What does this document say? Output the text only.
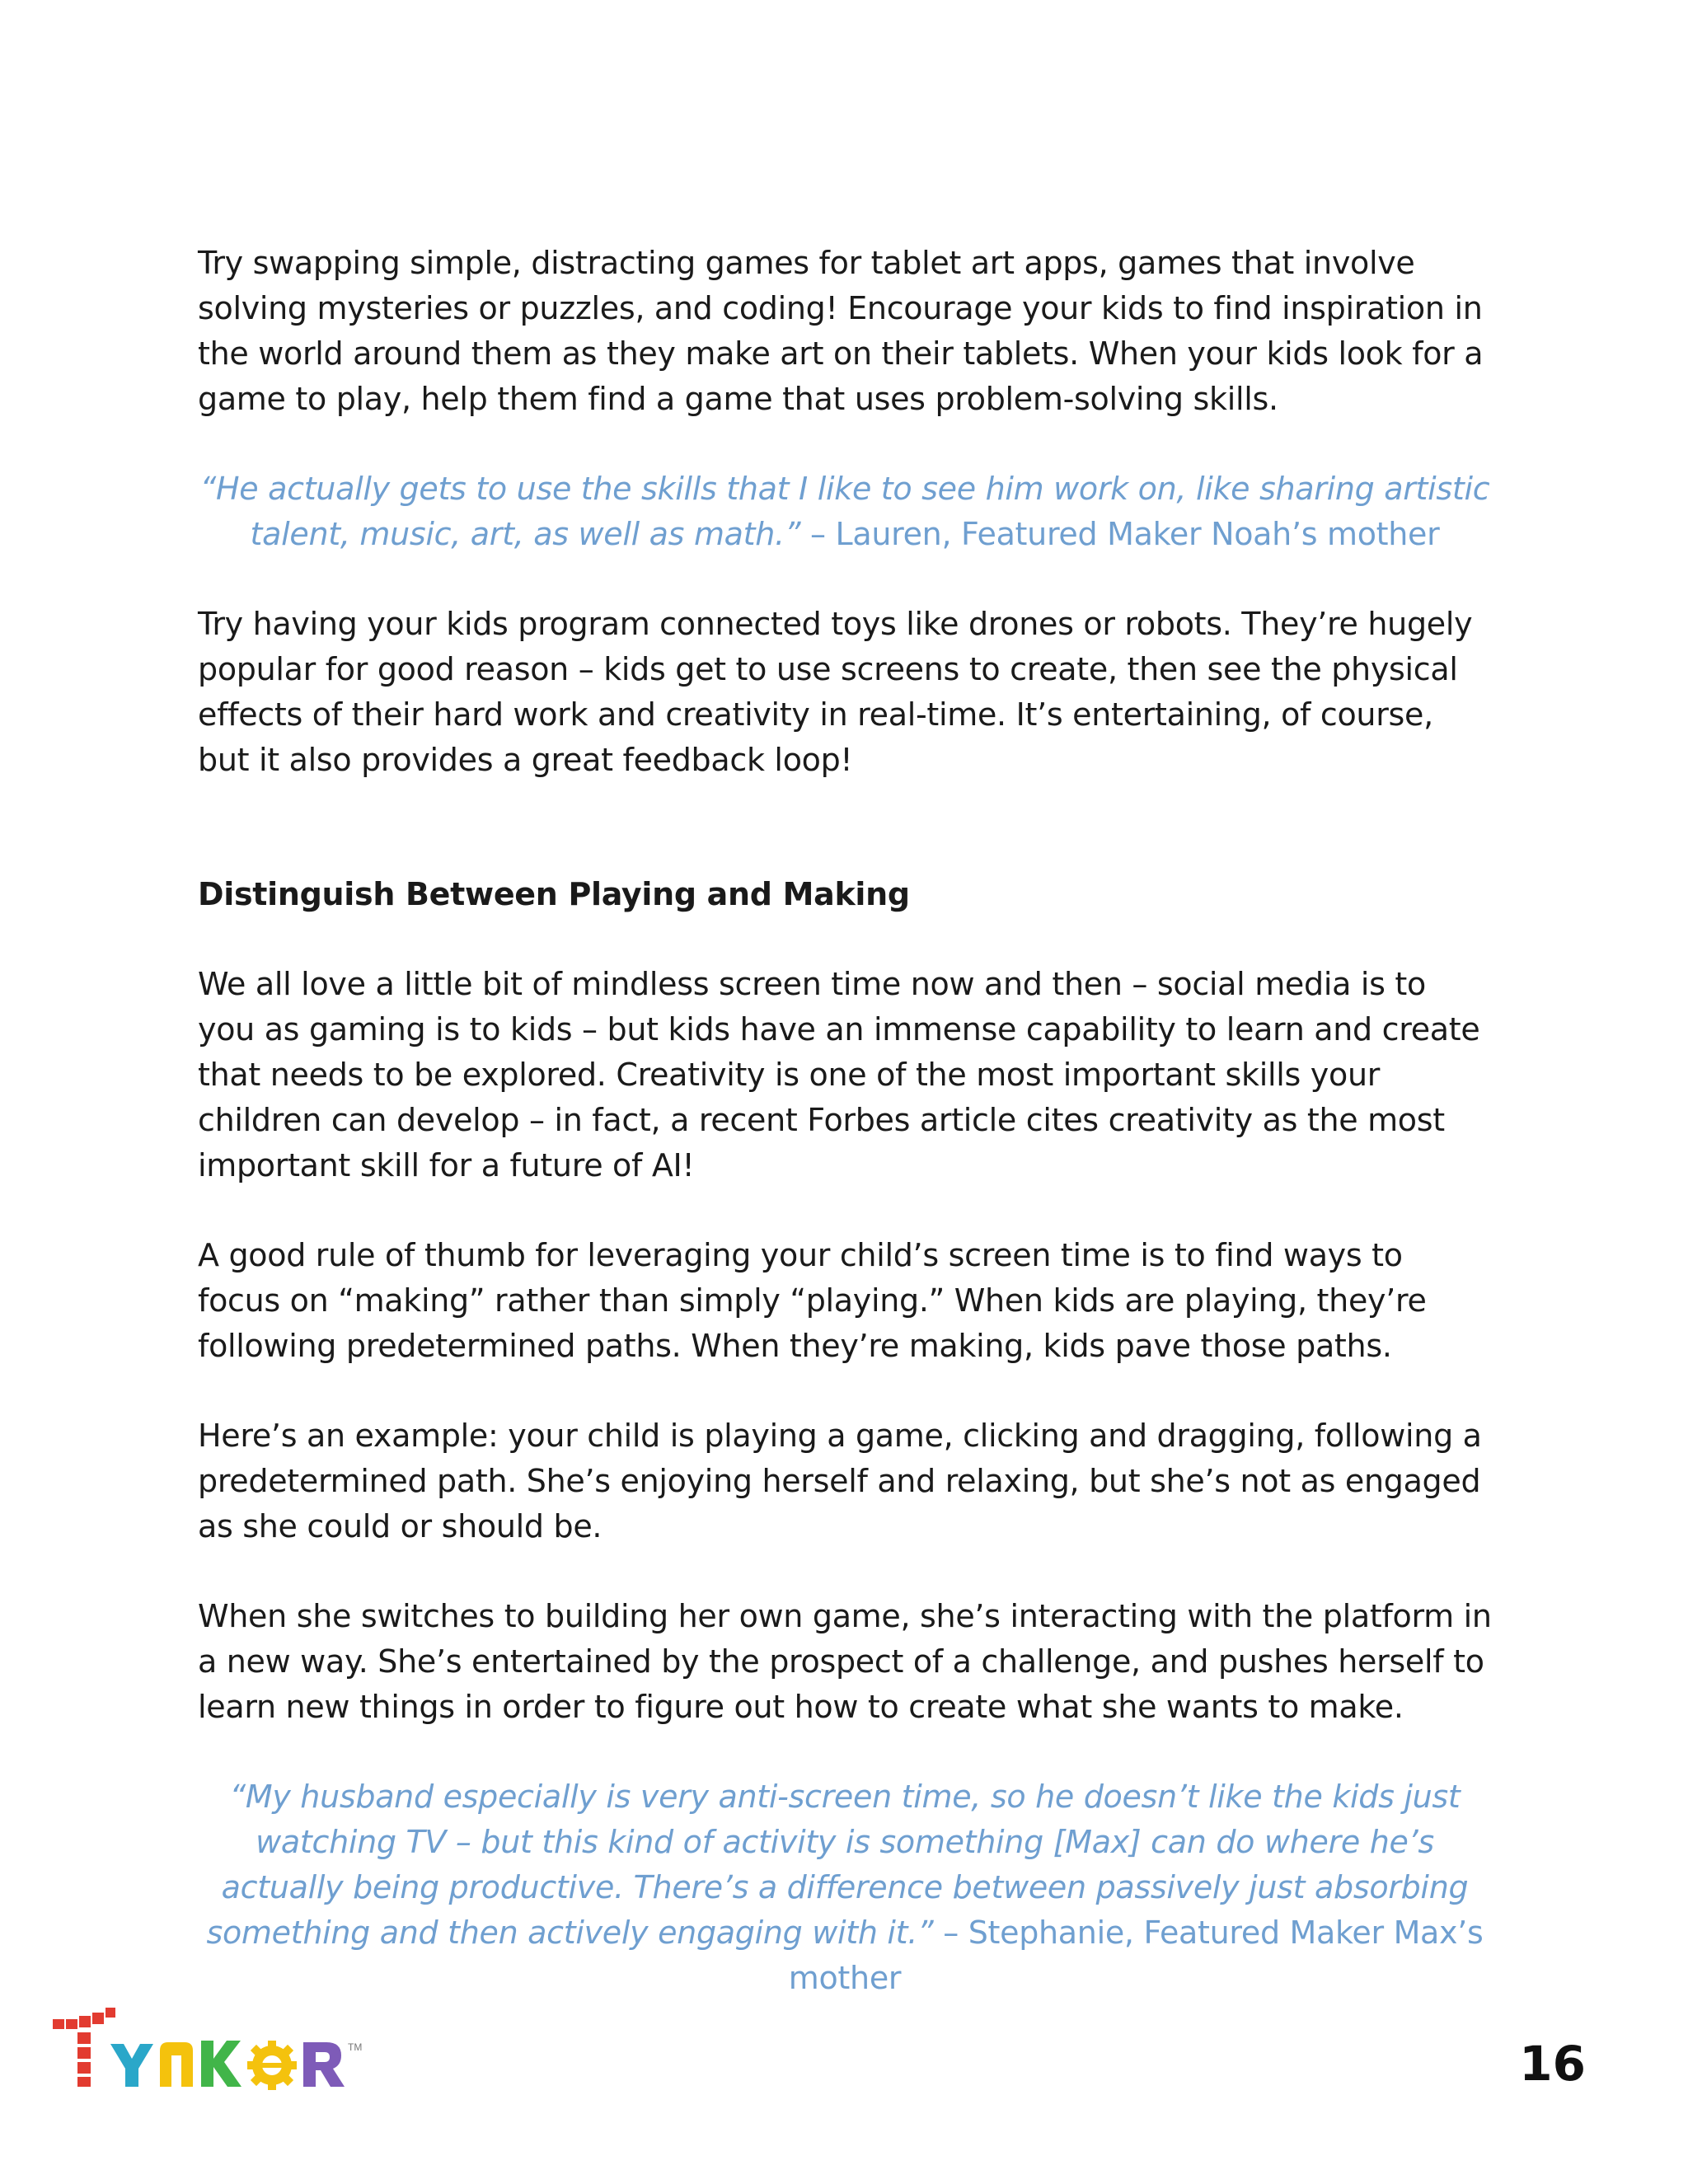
Try swapping simple, distracting games for tablet art apps, games that involve solving mysteries or puzzles, and coding! Encourage your kids to find inspiration in the world around them as they make art on their tablets. When your kids look for a game to play, help them find a game that uses problem-solving skills.

“He actually gets to use the skills that I like to see him work on, like sharing artistic talent, music, art, as well as math.” – Lauren, Featured Maker Noah’s mother

Try having your kids program connected toys like drones or robots. They’re hugely popular for good reason – kids get to use screens to create, then see the physical effects of their hard work and creativity in real-time. It’s entertaining, of course, but it also provides a great feedback loop!

Distinguish Between Playing and Making

We all love a little bit of mindless screen time now and then – social media is to you as gaming is to kids – but kids have an immense capability to learn and create that needs to be explored. Creativity is one of the most important skills your children can develop – in fact, a recent Forbes article cites creativity as the most important skill for a future of AI!

A good rule of thumb for leveraging your child’s screen time is to find ways to focus on “making” rather than simply “playing.” When kids are playing, they’re following predetermined paths. When they’re making, kids pave those paths.

Here’s an example: your child is playing a game, clicking and dragging, following a predetermined path. She’s enjoying herself and relaxing, but she’s not as engaged as she could or should be.

When she switches to building her own game, she’s interacting with the platform in a new way. She’s entertained by the prospect of a challenge, and pushes herself to learn new things in order to figure out how to create what she wants to make.

“My husband especially is very anti-screen time, so he doesn’t like the kids just watching TV – but this kind of activity is something [Max] can do where he’s actually being productive. There’s a difference between passively just absorbing something and then actively engaging with it.” – Stephanie, Featured Maker Max’s mother

TM	16
